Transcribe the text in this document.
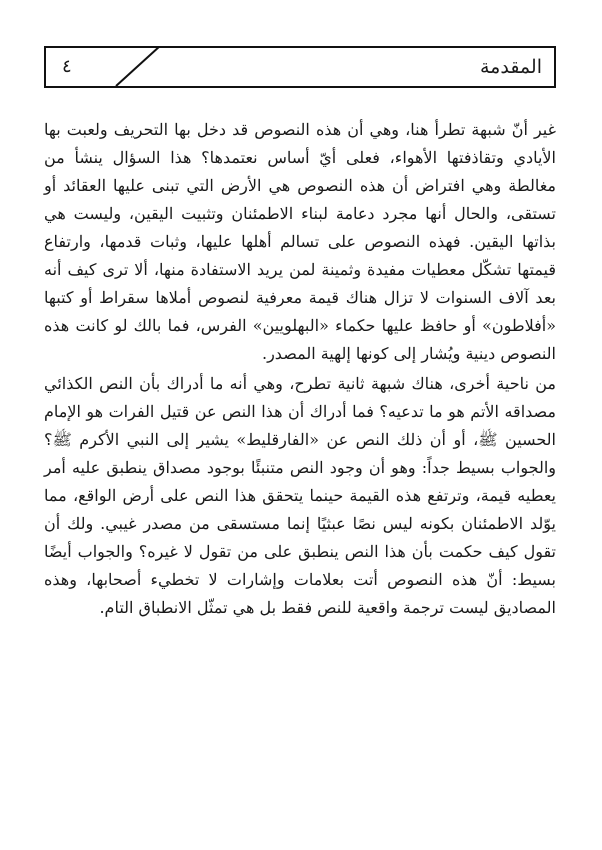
المقدمة
٤

غير أنّ شبهة تطرأ هنا، وهي أن هذه النصوص قد دخل بها التحريف ولعبت بها الأيادي وتقاذفتها الأهواء، فعلى أيّ أساس نعتمدها؟ هذا السؤال ينشأ من مغالطة وهي افتراض أن هذه النصوص هي الأرض التي تبنى عليها العقائد أو تستقى، والحال أنها مجرد دعامة لبناء الاطمئنان وتثبيت اليقين، وليست هي بذاتها اليقين. فهذه النصوص على تسالم أهلها عليها، وثبات قدمها، وارتفاع قيمتها تشكّل معطيات مفيدة وثمينة لمن يريد الاستفادة منها، ألا ترى كيف أنه بعد آلاف السنوات لا تزال هناك قيمة معرفية لنصوص أملاها سقراط أو كتبها «أفلاطون» أو حافظ عليها حكماء «البهلويين» الفرس، فما بالك لو كانت هذه النصوص دينية ويُشار إلى كونها إلهية المصدر.

من ناحية أخرى، هناك شبهة ثانية تطرح، وهي أنه ما أدراك بأن النص الكذائي مصداقه الأتم هو ما تدعيه؟ فما أدراك أن هذا النص عن قتيل الفرات هو الإمام الحسين ﷺ، أو أن ذلك النص عن «الفارقليط» يشير إلى النبي الأكرم ﷺ؟ والجواب بسيط جداً: وهو أن وجود النص متنبئًا بوجود مصداق ينطبق عليه أمر يعطيه قيمة، وترتفع هذه القيمة حينما يتحقق هذا النص على أرض الواقع، مما يوّلد الاطمئنان بكونه ليس نصًا عبثيًا إنما مستسقى من مصدر غيبي. ولك أن تقول كيف حكمت بأن هذا النص ينطبق على من تقول لا غيره؟ والجواب أيضًا بسيط: أنّ هذه النصوص أتت بعلامات وإشارات لا تخطيء أصحابها، وهذه المصاديق ليست ترجمة واقعية للنص فقط بل هي تمثّل الانطباق التام.
